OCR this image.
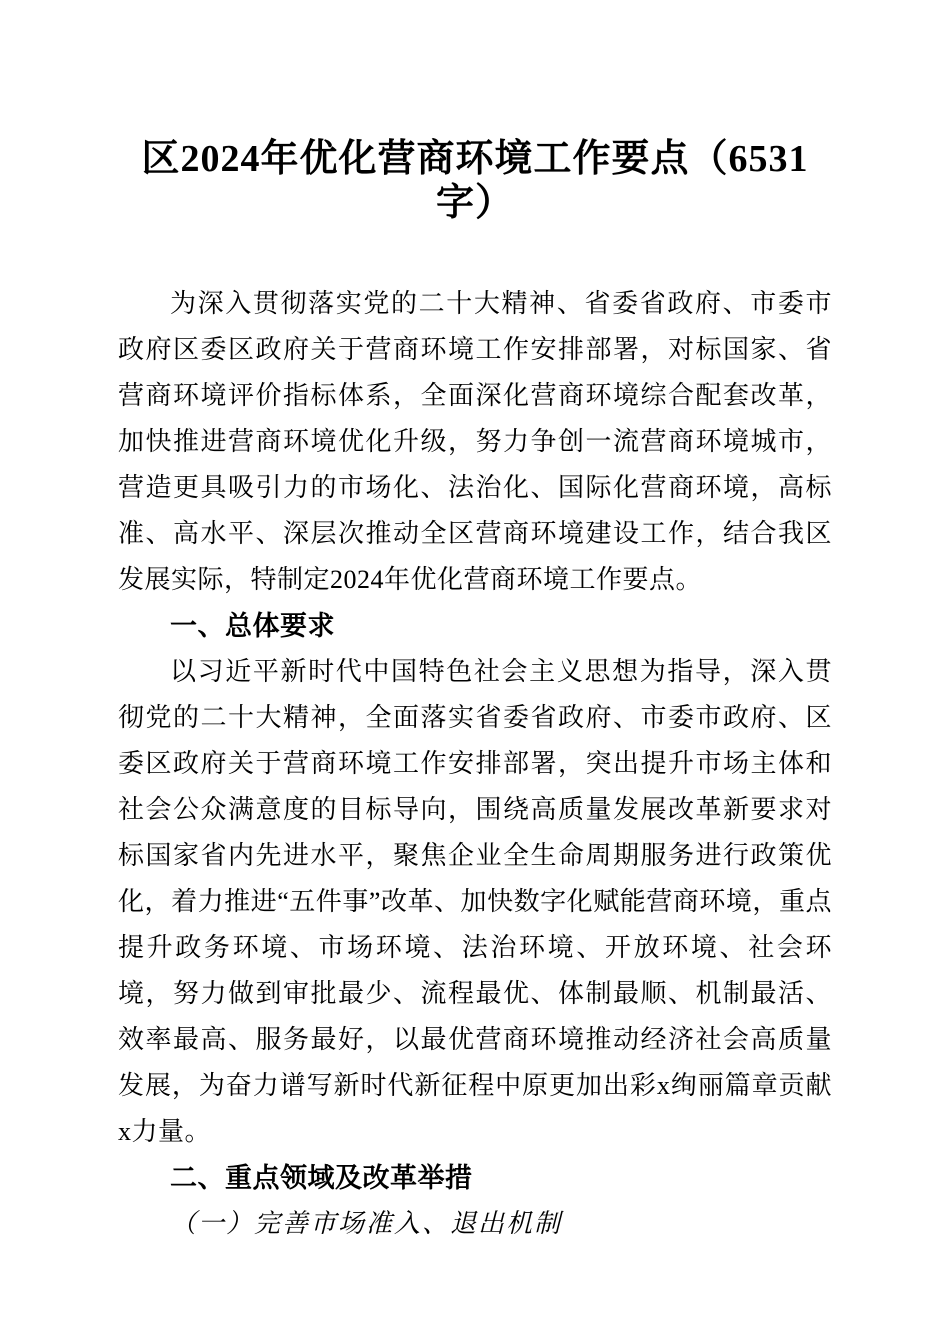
区2024年优化营商环境工作要点（6531字）

为深入贯彻落实党的二十大精神、省委省政府、市委市政府区委区政府关于营商环境工作安排部署，对标国家、省营商环境评价指标体系，全面深化营商环境综合配套改革，加快推进营商环境优化升级，努力争创一流营商环境城市，营造更具吸引力的市场化、法治化、国际化营商环境，高标准、高水平、深层次推动全区营商环境建设工作，结合我区发展实际，特制定2024年优化营商环境工作要点。

一、总体要求

以习近平新时代中国特色社会主义思想为指导，深入贯彻党的二十大精神，全面落实省委省政府、市委市政府、区委区政府关于营商环境工作安排部署，突出提升市场主体和社会公众满意度的目标导向，围绕高质量发展改革新要求对标国家省内先进水平，聚焦企业全生命周期服务进行政策优化，着力推进“五件事”改革、加快数字化赋能营商环境，重点提升政务环境、市场环境、法治环境、开放环境、社会环境，努力做到审批最少、流程最优、体制最顺、机制最活、效率最高、服务最好，以最优营商环境推动经济社会高质量发展，为奋力谱写新时代新征程中原更加出彩x绚丽篇章贡献x力量。

二、重点领域及改革举措
（一）完善市场准入、退出机制
